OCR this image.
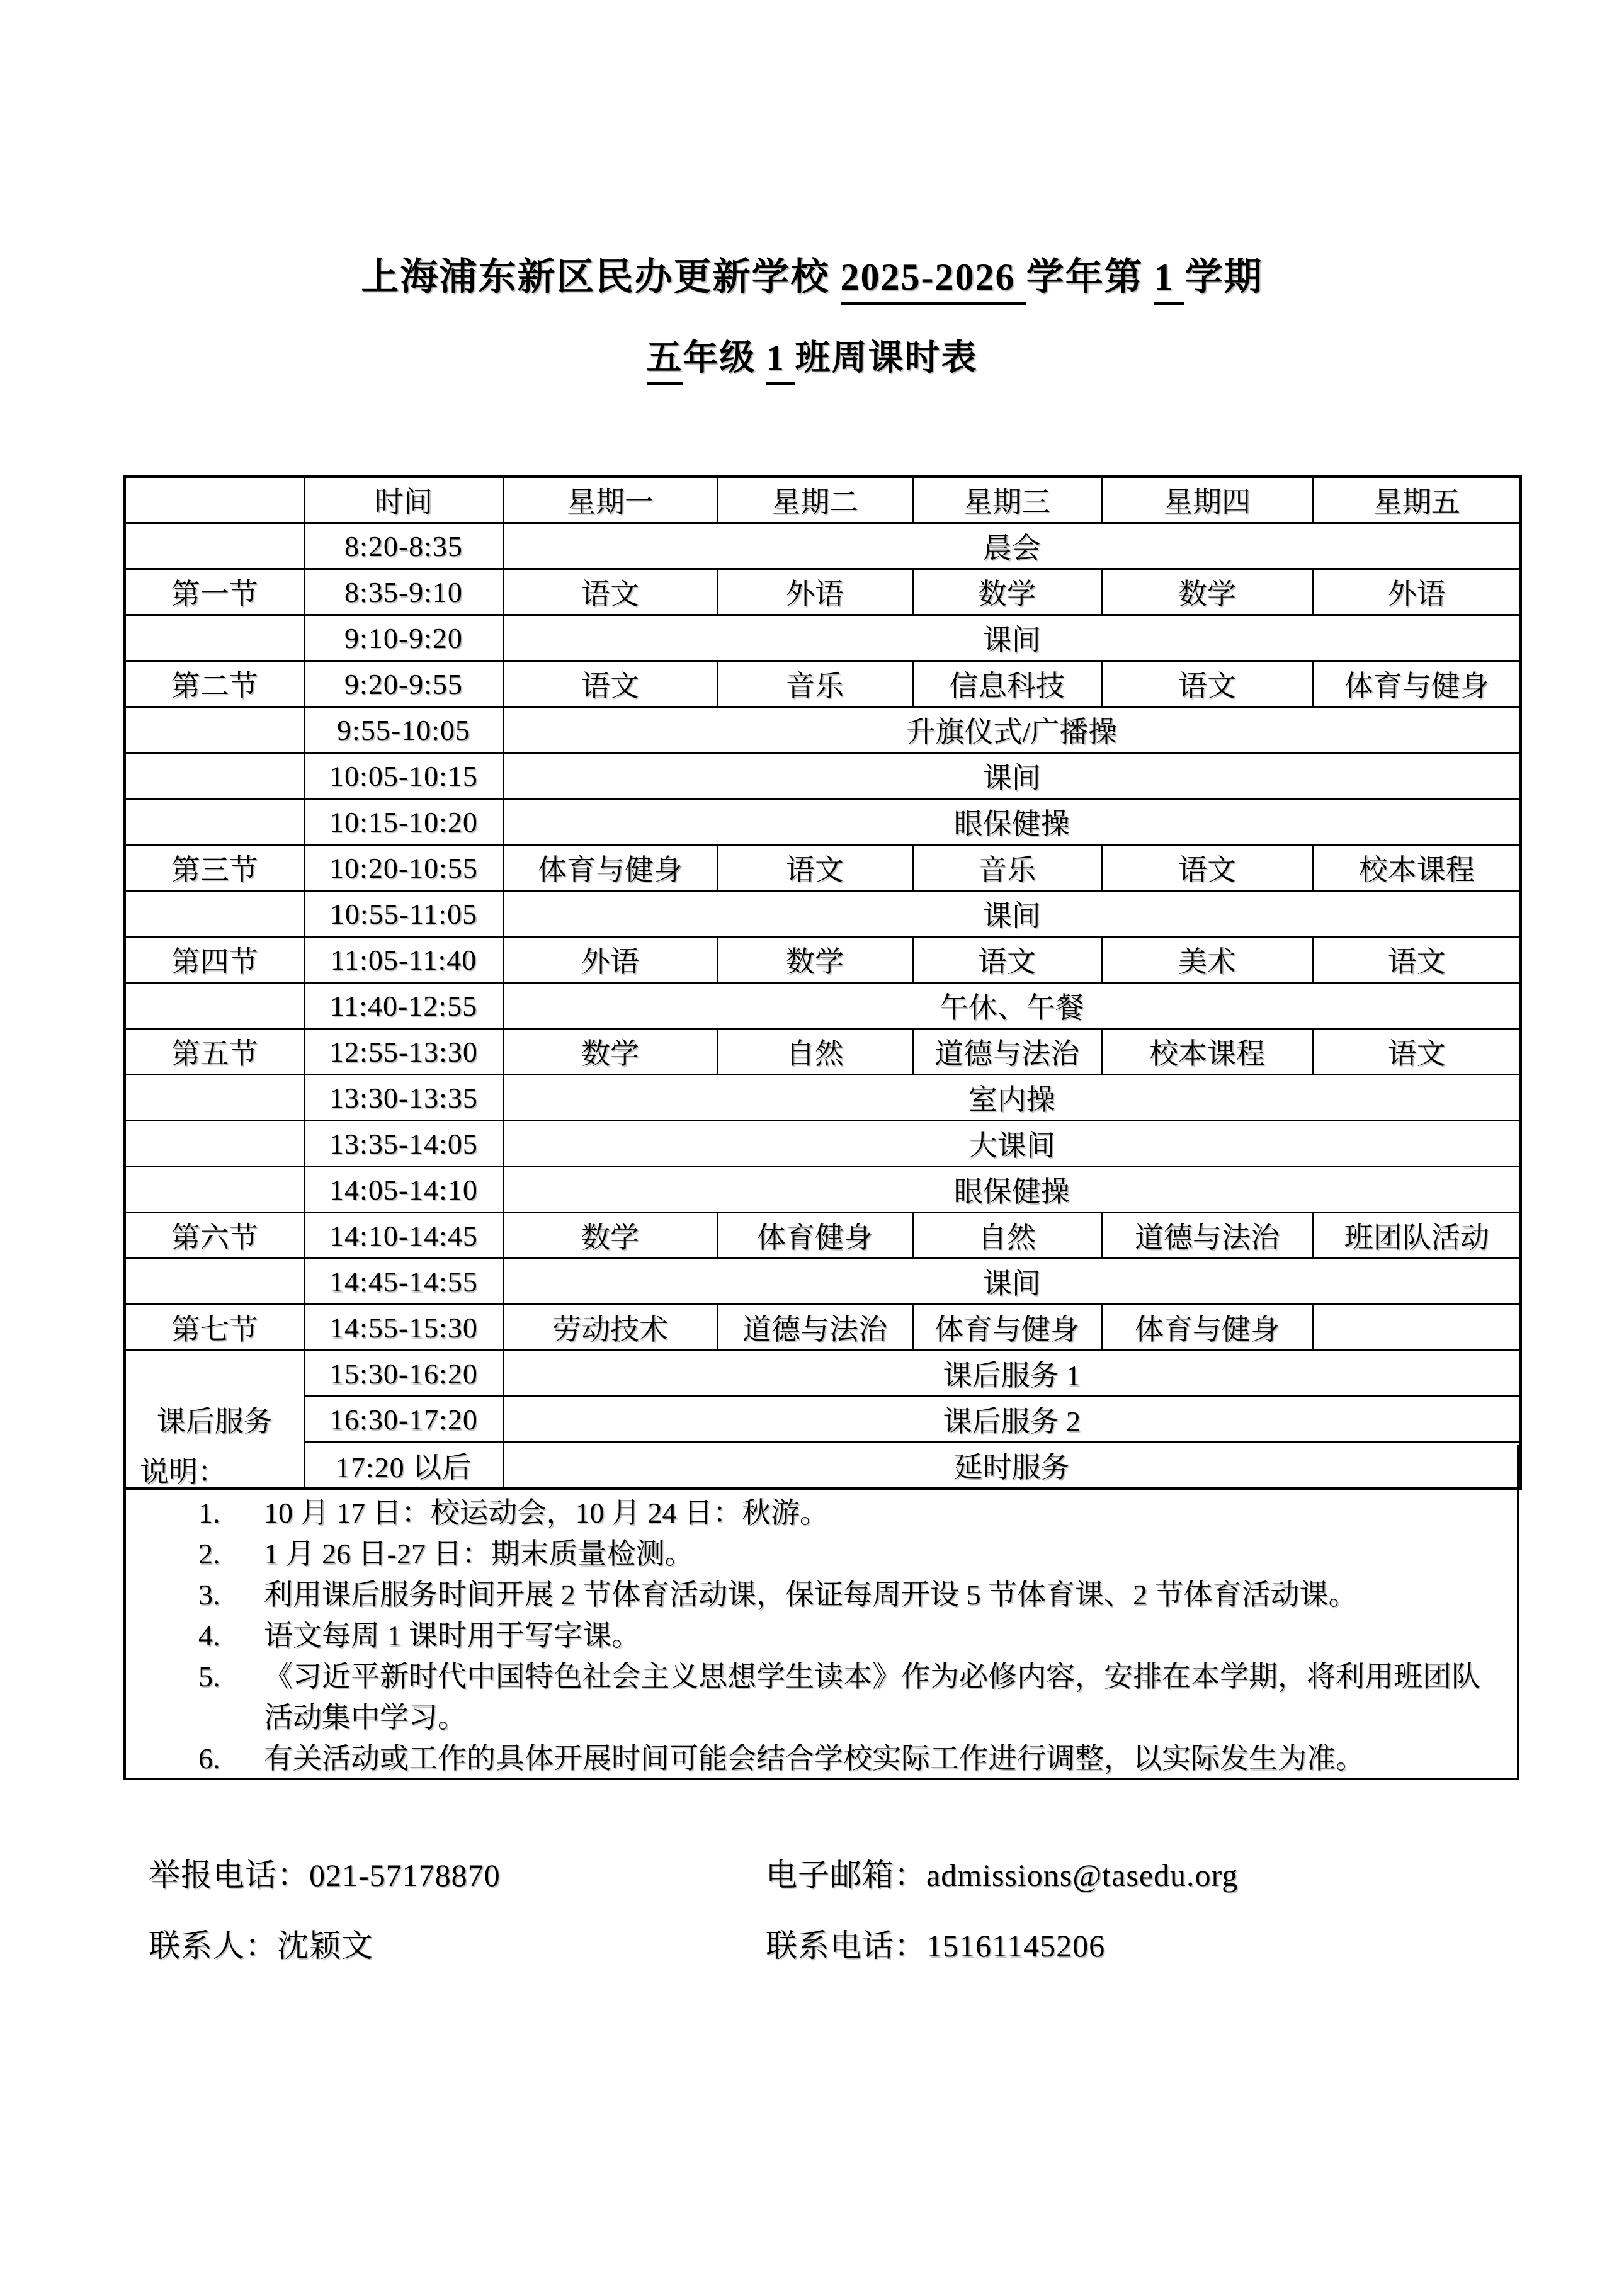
上海浦东新区民办更新学校 2025-2026 学年第 1 学期
五年级 1 班周课时表
	时间	星期一	星期二	星期三	星期四	星期五
	8:20-8:35	晨会				
第一节	8:35-9:10	语文	外语	数学	数学	外语
	9:10-9:20	课间				
第二节	9:20-9:55	语文	音乐	信息科技	语文	体育与健身
	9:55-10:05	升旗仪式/广播操				
	10:05-10:15	课间				
	10:15-10:20	眼保健操				
第三节	10:20-10:55	体育与健身	语文	音乐	语文	校本课程
	10:55-11:05	课间				
第四节	11:05-11:40	外语	数学	语文	美术	语文
	11:40-12:55	午休、午餐				
第五节	12:55-13:30	数学	自然	道德与法治	校本课程	语文
	13:30-13:35	室内操				
	13:35-14:05	大课间				
	14:05-14:10	眼保健操				
第六节	14:10-14:45	数学	体育健身	自然	道德与法治	班团队活动
	14:45-14:55	课间				
第七节	14:55-15:30	劳动技术	道德与法治	体育与健身	体育与健身	
课后服务	15:30-16:20	课后服务 1				
	16:30-17:20	课后服务 2				
	17:20 以后	延时服务				
说明：
1.	10 月 17 日：校运动会，10 月 24 日：秋游。
2.	1 月 26 日-27 日：期末质量检测。
3.	利用课后服务时间开展 2 节体育活动课，保证每周开设 5 节体育课、2 节体育活动课。
4.	语文每周 1 课时用于写字课。
5.	《习近平新时代中国特色社会主义思想学生读本》作为必修内容，安排在本学期，将利用班团队活动集中学习。
6.	有关活动或工作的具体开展时间可能会结合学校实际工作进行调整，以实际发生为准。
举报电话：021-57178870	电子邮箱：admissions@tasedu.org
联系人：沈颖文	联系电话：15161145206
